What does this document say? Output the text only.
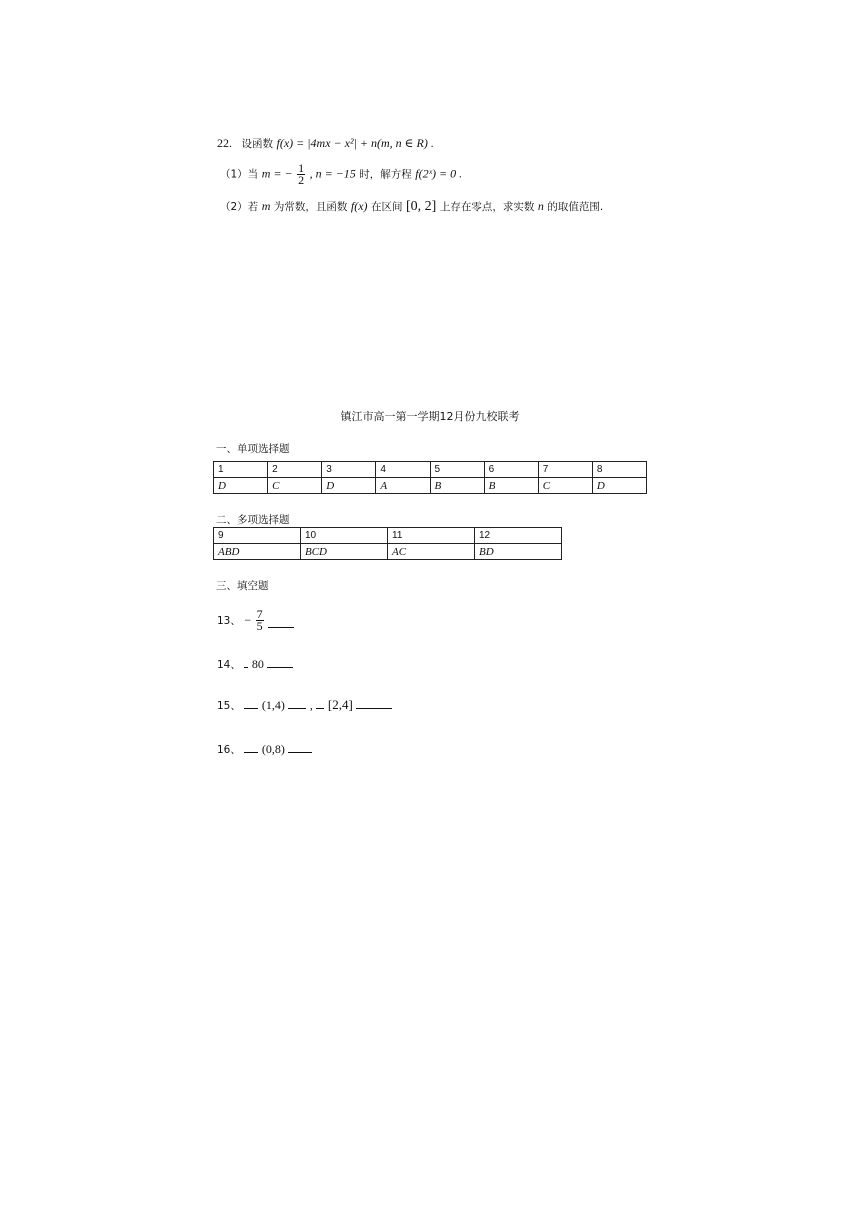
22. 设函数 f(x) = |4mx − x²| + n(m, n ∈ R) .
（1）当 m = − $\frac{1}{2}$ , n = −15 时，解方程 f(2ˣ) = 0 .
（2）若 m 为常数，且函数 f(x) 在区间 [0, 2] 上存在零点，求实数 n 的取值范围.
镇江市高一第一学期12月份九校联考
一、单项选择题
1	2	3	4	5	6	7	8
D	C	D	A	B	B	C	D
二、多项选择题
9	10	11	12
ABD	BCD	AC	BD
三、填空题
13、 − $\frac{7}{5}$

14、 80
15、 (1,4) , [2,4]
16、 (0,8)
